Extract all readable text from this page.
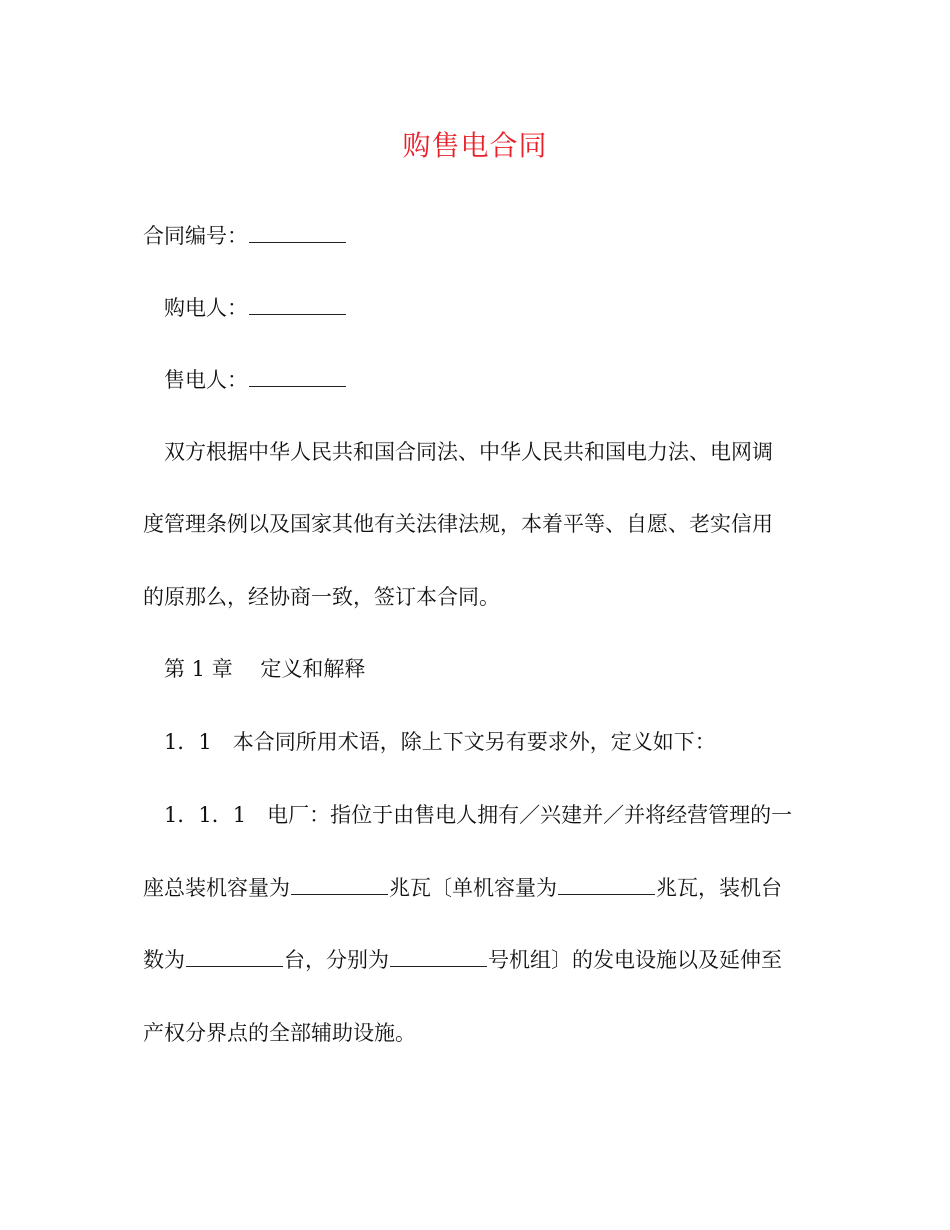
购售电合同
合同编号：
购电人：
售电人：
双方根据中华人民共和国合同法、中华人民共和国电力法、电网调
度管理条例以及国家其他有关法律法规，本着平等、自愿、老实信用
的原那么，经协商一致，签订本合同。
第 1 章　 定义和解释
1．1　本合同所用术语，除上下文另有要求外，定义如下：
1．1．1　电厂：指位于由售电人拥有／兴建并／并将经营管理的一
座总装机容量为	兆瓦〔单机容量为	兆瓦，装机台
数为	台，分别为	号机组〕的发电设施以及延伸至
产权分界点的全部辅助设施。
